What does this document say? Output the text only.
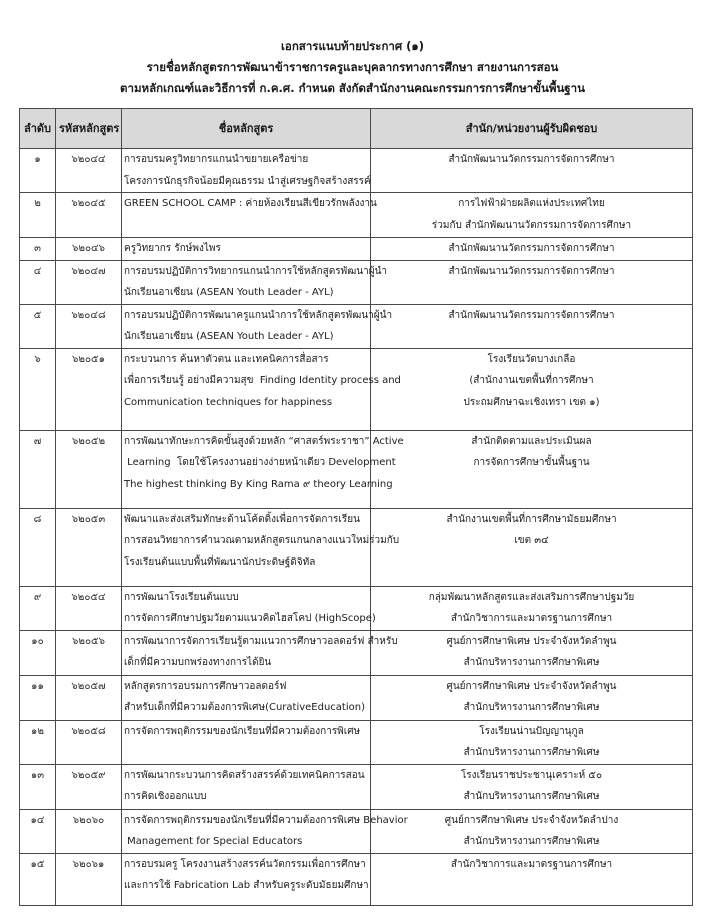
เอกสารแนบท้ายประกาศ (๑)
รายชื่อหลักสูตรการพัฒนาข้าราชการครูและบุคลากรทางการศึกษา สายงานการสอน
ตามหลักเกณฑ์และวิธีการที่ ก.ค.ศ. กำหนด สังกัดสำนักงานคณะกรรมการการศึกษาขั้นพื้นฐาน
ลำดับ	รหัสหลักสูตร	ชื่อหลักสูตร	สำนัก/หน่วยงานผู้รับผิดชอบ
๑	๖๒๐๔๔	การอบรมครูวิทยากรแกนนำขยายเครือข่าย
โครงการนักธุรกิจน้อยมีคุณธรรม นำสู่เศรษฐกิจสร้างสรรค์	สำนักพัฒนานวัตกรรมการจัดการศึกษา

๒	๖๒๐๔๕	GREEN SCHOOL CAMP : ค่ายห้องเรียนสีเขียวรักพลังงาน	การไฟฟ้าฝ่ายผลิตแห่งประเทศไทย
ร่วมกับ สำนักพัฒนานวัตกรรมการจัดการศึกษา

๓	๖๒๐๔๖	ครูวิทยากร รักษ์พงไพร	สำนักพัฒนานวัตกรรมการจัดการศึกษา

๔	๖๒๐๔๗	การอบรมปฏิบัติการวิทยากรแกนนำการใช้หลักสูตรพัฒนาผู้นำ
นักเรียนอาเซียน (ASEAN Youth Leader - AYL)	สำนักพัฒนานวัตกรรมการจัดการศึกษา

๕	๖๒๐๔๘	การอบรมปฏิบัติการพัฒนาครูแกนนำการใช้หลักสูตรพัฒนาผู้นำ
นักเรียนอาเซียน (ASEAN Youth Leader - AYL)	สำนักพัฒนานวัตกรรมการจัดการศึกษา

๖	๖๒๐๕๑	กระบวนการ ค้นหาตัวตน และเทคนิคการสื่อสาร
เพื่อการเรียนรู้ อย่างมีความสุข  Finding Identity process and
Communication techniques for happiness	โรงเรียนวัดบางเกลือ
(สำนักงานเขตพื้นที่การศึกษา
ประถมศึกษาฉะเชิงเทรา เขต ๑)

๗	๖๒๐๕๒	การพัฒนาทักษะการคิดขั้นสูงด้วยหลัก “ศาสตร์พระราชา” Active
Learning  โดยใช้โครงงานอย่างง่ายหน้าเดียว Development
The highest thinking By King Rama ๙ theory Learning	สำนักติดตามและประเมินผล
การจัดการศึกษาขั้นพื้นฐาน

๘	๖๒๐๕๓	พัฒนาและส่งเสริมทักษะด้านโค้ดดิ้งเพื่อการจัดการเรียน
การสอนวิทยาการคำนวณตามหลักสูตรแกนกลางแนวใหม่ร่วมกับ
โรงเรียนต้นแบบพื้นที่พัฒนานักประดิษฐ์ดิจิทัล	สำนักงานเขตพื้นที่การศึกษามัธยมศึกษา
เขต ๓๔

๙	๖๒๐๕๔	การพัฒนาโรงเรียนต้นแบบ
การจัดการศึกษาปฐมวัยตามแนวคิดไฮสโคป (HighScope)	กลุ่มพัฒนาหลักสูตรและส่งเสริมการศึกษาปฐมวัย
สำนักวิชาการและมาตรฐานการศึกษา

๑๐	๖๒๐๕๖	การพัฒนาการจัดการเรียนรู้ตามแนวการศึกษาวอลดอร์ฟ สำหรับ
เด็กที่มีความบกพร่องทางการได้ยิน	ศูนย์การศึกษาพิเศษ ประจำจังหวัดลำพูน
สำนักบริหารงานการศึกษาพิเศษ

๑๑	๖๒๐๕๗	หลักสูตรการอบรมการศึกษาวอลดอร์ฟ
สำหรับเด็กที่มีความต้องการพิเศษ(CurativeEducation)	ศูนย์การศึกษาพิเศษ ประจำจังหวัดลำพูน
สำนักบริหารงานการศึกษาพิเศษ

๑๒	๖๒๐๕๘	การจัดการพฤติกรรมของนักเรียนที่มีความต้องการพิเศษ	โรงเรียนน่านปัญญานุกูล
สำนักบริหารงานการศึกษาพิเศษ

๑๓	๖๒๐๕๙	การพัฒนากระบวนการคิดสร้างสรรค์ด้วยเทคนิคการสอน
การคิดเชิงออกแบบ	โรงเรียนราชประชานุเคราะห์ ๕๐
สำนักบริหารงานการศึกษาพิเศษ

๑๔	๖๒๐๖๐	การจัดการพฤติกรรมของนักเรียนที่มีความต้องการพิเศษ Behavior
Management for Special Educators	ศูนย์การศึกษาพิเศษ ประจำจังหวัดลำปาง
สำนักบริหารงานการศึกษาพิเศษ

๑๕	๖๒๐๖๑	การอบรมครู โครงงานสร้างสรรค์นวัตกรรมเพื่อการศึกษา
และการใช้ Fabrication Lab สำหรับครูระดับมัธยมศึกษา	สำนักวิชาการและมาตรฐานการศึกษา
